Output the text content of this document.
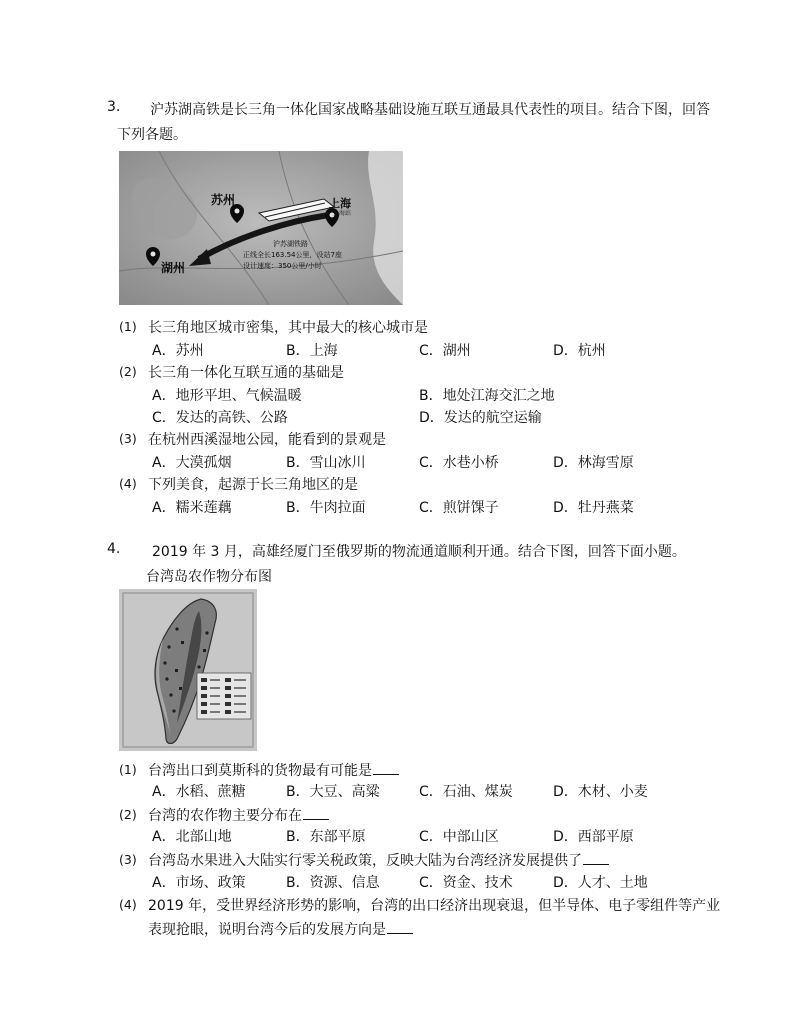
3. 沪苏湖高铁是长三角一体化国家战略基础设施互联互通最具代表性的项目。结合下图，回答
下列各题。
苏州	上海
上海站
湖州
沪苏湖铁路
正线全长163.54公里，设站7座
设计速度：350公里/小时
(1) 长三角地区城市密集，其中最大的核心城市是
A．苏州	B．上海	C．湖州	D．杭州
(2) 长三角一体化互联互通的基础是
A．地形平坦、气候温暖	B．地处江海交汇之地
C．发达的高铁、公路	D．发达的航空运输
(3) 在杭州西溪湿地公园，能看到的景观是
A．大漠孤烟	B．雪山冰川	C．水巷小桥	D．林海雪原
(4) 下列美食，起源于长三角地区的是
A．糯米莲藕	B．牛肉拉面	C．煎饼馃子	D．牡丹燕菜
4. 2019 年 3 月，高雄经厦门至俄罗斯的物流通道顺利开通。结合下图，回答下面小题。
台湾岛农作物分布图
(1) 台湾出口到莫斯科的货物最有可能是
A．水稻、蔗糖	B．大豆、高粱	C．石油、煤炭	D．木材、小麦
(2) 台湾的农作物主要分布在
A．北部山地	B．东部平原	C．中部山区	D．西部平原
(3) 台湾岛水果进入大陆实行零关税政策，反映大陆为台湾经济发展提供了
A．市场、政策	B．资源、信息	C．资金、技术	D．人才、土地
(4) 2019 年，受世界经济形势的影响，台湾的出口经济出现衰退，但半导体、电子零组件等产业
表现抢眼，说明台湾今后的发展方向是
